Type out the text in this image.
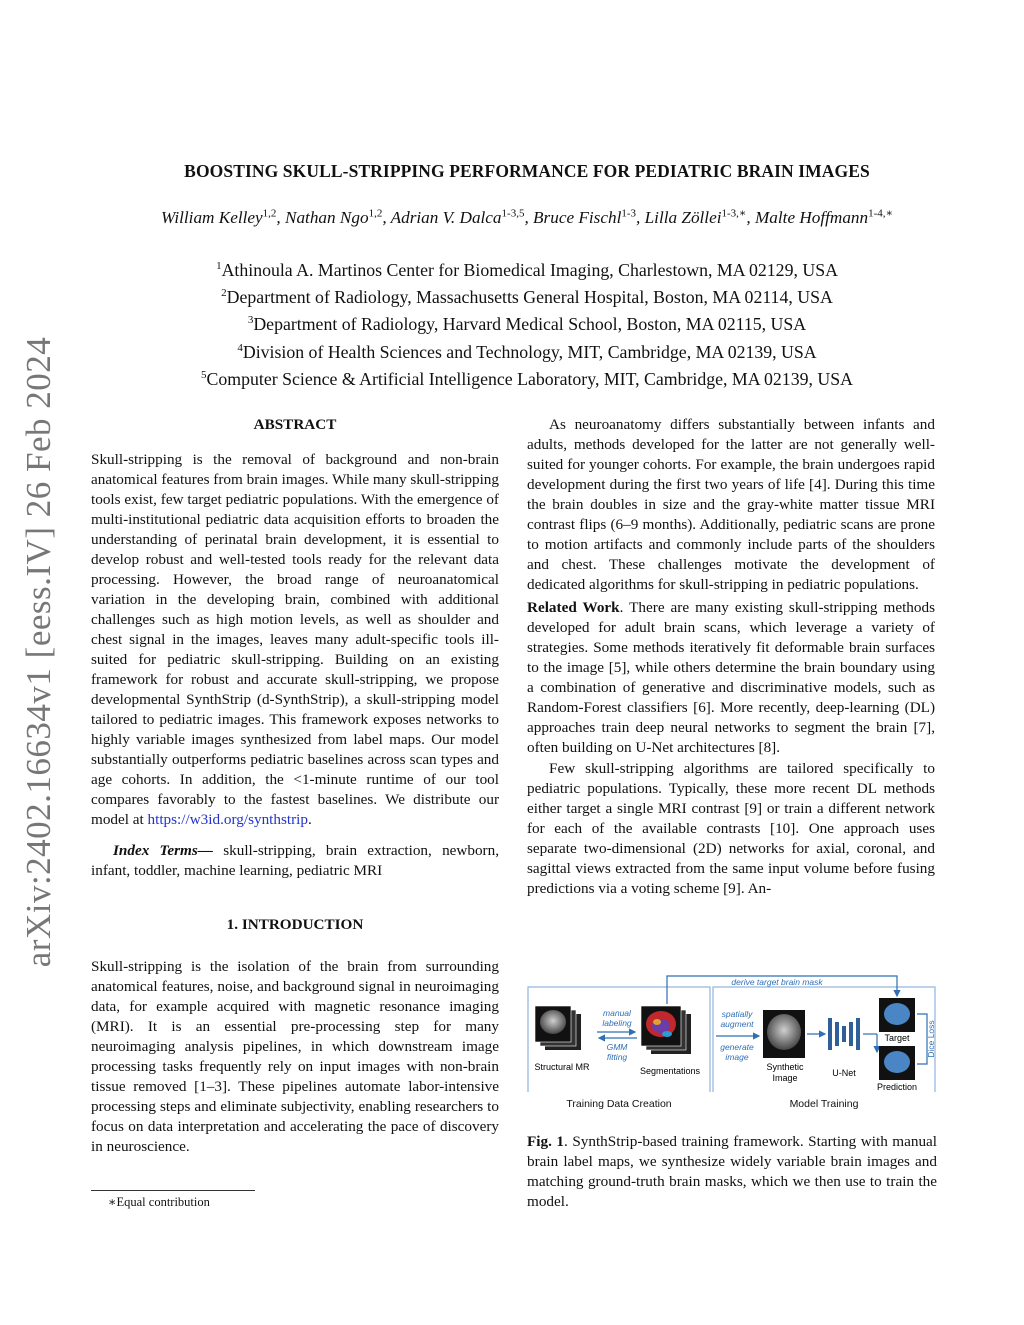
arXiv:2402.16634v1 [eess.IV] 26 Feb 2024
BOOSTING SKULL-STRIPPING PERFORMANCE FOR PEDIATRIC BRAIN IMAGES
William Kelley$^{1,2}$, Nathan Ngo$^{1,2}$, Adrian V. Dalca$^{1-3,5}$, Bruce Fischl$^{1-3}$, Lilla Zöllei$^{1-3,∗}$, Malte Hoffmann$^{1-4,∗}$
$^1$Athinoula A. Martinos Center for Biomedical Imaging, Charlestown, MA 02129, USA
$^2$Department of Radiology, Massachusetts General Hospital, Boston, MA 02114, USA
$^3$Department of Radiology, Harvard Medical School, Boston, MA 02115, USA
$^4$Division of Health Sciences and Technology, MIT, Cambridge, MA 02139, USA
$^5$Computer Science & Artificial Intelligence Laboratory, MIT, Cambridge, MA 02139, USA

ABSTRACT

Skull-stripping is the removal of background and non-brain anatomical features from brain images. While many skull-stripping tools exist, few target pediatric populations. With the emergence of multi-institutional pediatric data acquisition efforts to broaden the understanding of perinatal brain development, it is essential to develop robust and well-tested tools ready for the relevant data processing. However, the broad range of neuroanatomical variation in the developing brain, combined with additional challenges such as high motion levels, as well as shoulder and chest signal in the images, leaves many adult-specific tools ill-suited for pediatric skull-stripping. Building on an existing framework for robust and accurate skull-stripping, we propose developmental SynthStrip (d-SynthStrip), a skull-stripping model tailored to pediatric images. This framework exposes networks to highly variable images synthesized from label maps. Our model substantially outperforms pediatric baselines across scan types and age cohorts. In addition, the <1-minute runtime of our tool compares favorably to the fastest baselines. We distribute our model at https://w3id.org/synthstrip.

Index Terms— skull-stripping, brain extraction, newborn, infant, toddler, machine learning, pediatric MRI

1. INTRODUCTION

Skull-stripping is the isolation of the brain from surrounding anatomical features, noise, and background signal in neuroimaging data, for example acquired with magnetic resonance imaging (MRI). It is an essential pre-processing step for many neuroimaging analysis pipelines, in which downstream image processing tasks frequently rely on input images with non-brain tissue removed [1–3]. These pipelines automate labor-intensive processing steps and eliminate subjectivity, enabling researchers to focus on data interpretation and accelerating the pace of discovery in neuroscience.

∗Equal contribution

As neuroanatomy differs substantially between infants and adults, methods developed for the latter are not generally well-suited for younger cohorts. For example, the brain undergoes rapid development during the first two years of life [4]. During this time the brain doubles in size and the gray-white matter tissue MRI contrast flips (6–9 months). Additionally, pediatric scans are prone to motion artifacts and commonly include parts of the shoulders and chest. These challenges motivate the development of dedicated algorithms for skull-stripping in pediatric populations.

Related Work. There are many existing skull-stripping methods developed for adult brain scans, which leverage a variety of strategies. Some methods iteratively fit deformable brain surfaces to the image [5], while others determine the brain boundary using a combination of generative and discriminative models, such as Random-Forest classifiers [6]. More recently, deep-learning (DL) approaches train deep neural networks to segment the brain [7], often building on U-Net architectures [8].

Few skull-stripping algorithms are tailored specifically to pediatric populations. Typically, these more recent DL methods either target a single MRI contrast [9] or train a different network for each of the available contrasts [10]. One approach uses separate two-dimensional (2D) networks for axial, coronal, and sagittal views extracted from the same input volume before fusing predictions via a voting scheme [9]. An-

derive target brain mask
Structural MR
manual
labeling
GMM
fitting
Segmentations
spatially
augment
generate
image
Synthetic
Image	U-Net
Target
Prediction
Dice Loss
Training Data Creation	Model Training
Fig. 1. SynthStrip-based training framework. Starting with manual brain label maps, we synthesize widely variable brain images and matching ground-truth brain masks, which we then use to train the model.
